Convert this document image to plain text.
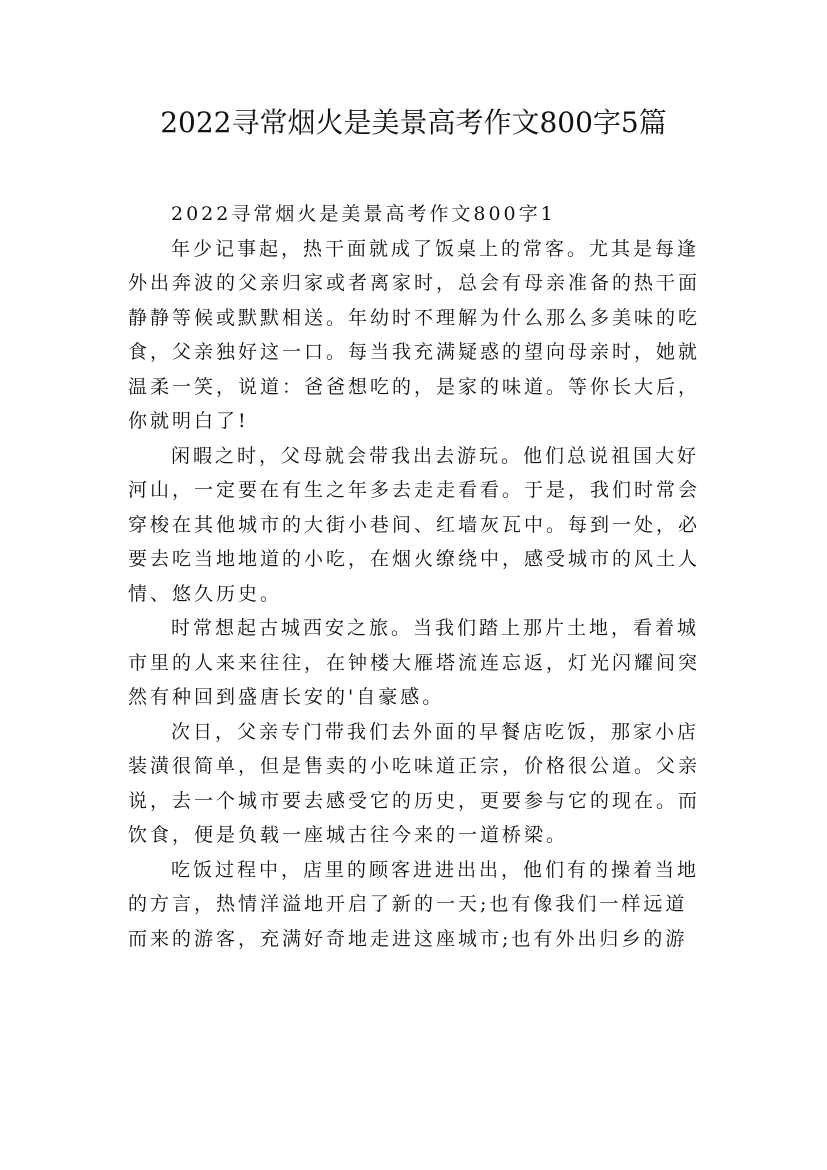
2022寻常烟火是美景高考作文800字5篇
2022寻常烟火是美景高考作文800字1
年少记事起，热干面就成了饭桌上的常客。尤其是每逢
外出奔波的父亲归家或者离家时，总会有母亲准备的热干面
静静等候或默默相送。年幼时不理解为什么那么多美味的吃
食，父亲独好这一口。每当我充满疑惑的望向母亲时，她就
温柔一笑，说道：爸爸想吃的，是家的味道。等你长大后，
你就明白了!
闲暇之时，父母就会带我出去游玩。他们总说祖国大好
河山，一定要在有生之年多去走走看看。于是，我们时常会
穿梭在其他城市的大街小巷间、红墙灰瓦中。每到一处，必
要去吃当地地道的小吃，在烟火缭绕中，感受城市的风土人
情、悠久历史。
时常想起古城西安之旅。当我们踏上那片土地，看着城
市里的人来来往往，在钟楼大雁塔流连忘返，灯光闪耀间突
然有种回到盛唐长安的'自豪感。
次日，父亲专门带我们去外面的早餐店吃饭，那家小店
装潢很简单，但是售卖的小吃味道正宗，价格很公道。父亲
说，去一个城市要去感受它的历史，更要参与它的现在。而
饮食，便是负载一座城古往今来的一道桥梁。
吃饭过程中，店里的顾客进进出出，他们有的操着当地
的方言，热情洋溢地开启了新的一天;也有像我们一样远道
而来的游客，充满好奇地走进这座城市;也有外出归乡的游
